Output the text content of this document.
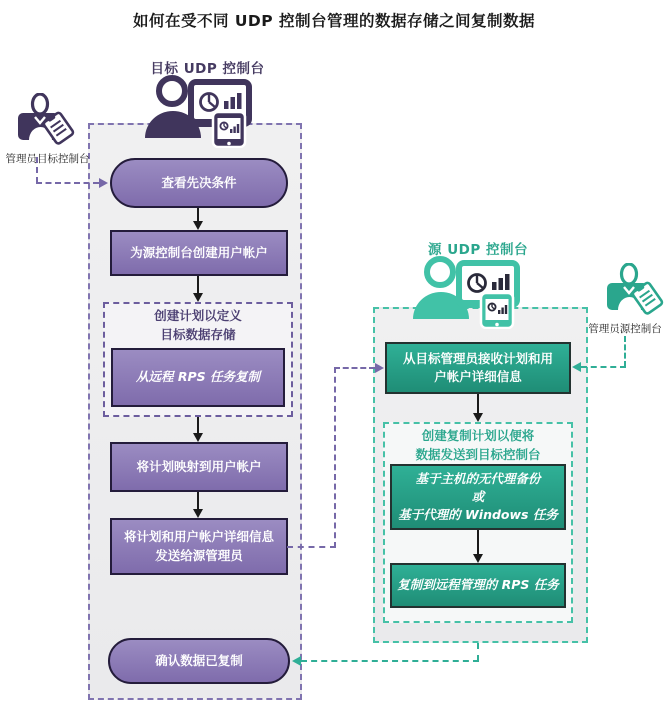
如何在受不同 UDP 控制台管理的数据存储之间复制数据
目标 UDP 控制台
管理员目标控制台
查看先决条件
为源控制台创建用户帐户
创建计划以定义
目标数据存储
从远程 RPS 任务复制
将计划映射到用户帐户
将计划和用户帐户详细信息
发送给源管理员
确认数据已复制
源 UDP 控制台
管理员源控制台
从目标管理员接收计划和用
户帐户详细信息
创建复制计划以便将
数据发送到目标控制台
基于主机的无代理备份
或
基于代理的 Windows 任务
复制到远程管理的 RPS 任务
